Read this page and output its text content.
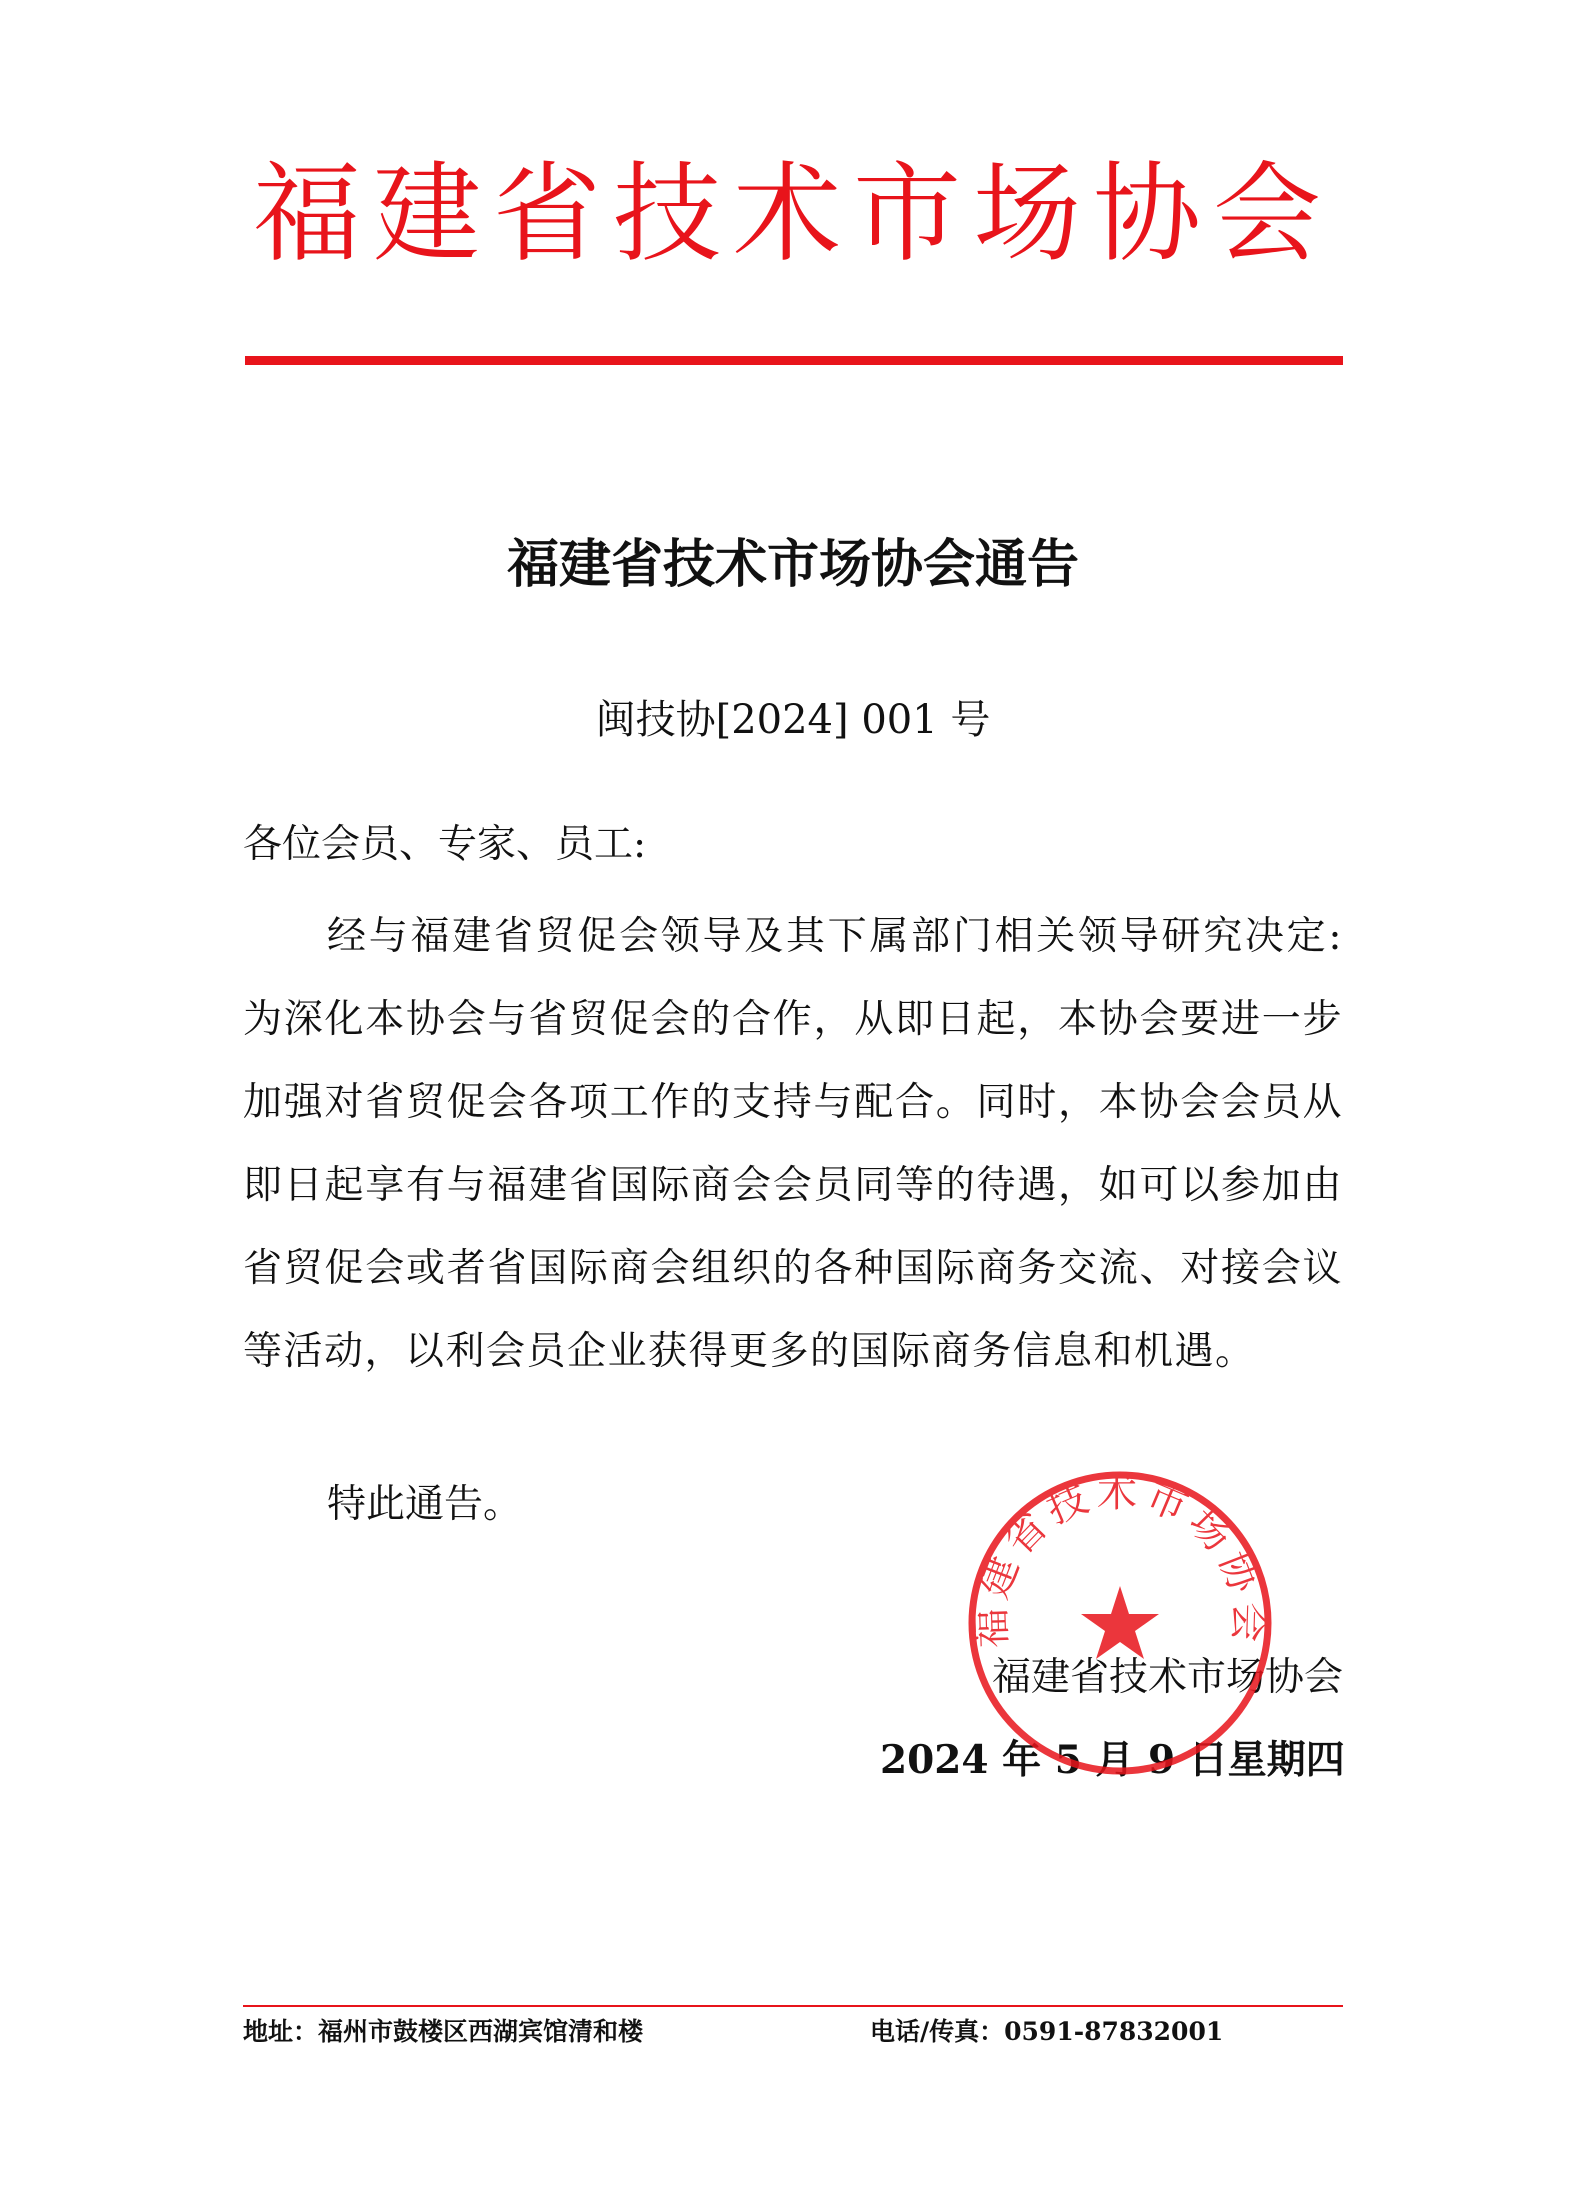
福建省技术市场协会
福建省技术市场协会通告
闽技协[2024] 001 号
各位会员、专家、员工:

经与福建省贸促会领导及其下属部门相关领导研究决定: 为深化本协会与省贸促会的合作，从即日起，本协会要进一步加强对省贸促会各项工作的支持与配合。同时，本协会会员从即日起享有与福建省国际商会会员同等的待遇，如可以参加由省贸促会或者省国际商会组织的各种国际商务交流、对接会议等活动，以利会员企业获得更多的国际商务信息和机遇。

特此通告。
福建省技术市场协会
2024 年 5 月 9 日星期四
福建省技术市场协会
地址：福州市鼓楼区西湖宾馆清和楼	电话/传真：0591-87832001
